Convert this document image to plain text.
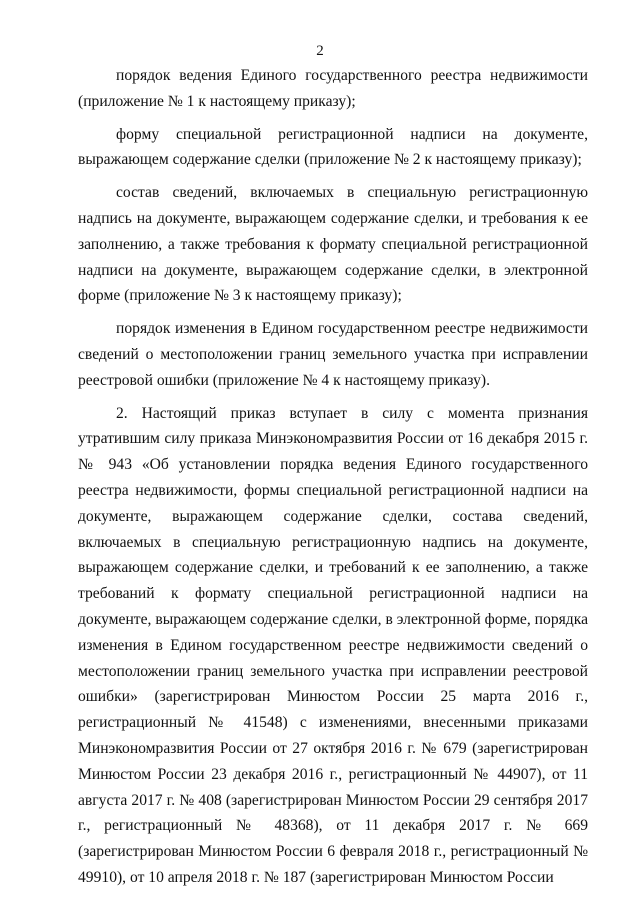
2

порядок ведения Единого государственного реестра недвижимости (приложение № 1 к настоящему приказу);

форму специальной регистрационной надписи на документе, выражающем содержание сделки (приложение № 2 к настоящему приказу);

состав сведений, включаемых в специальную регистрационную надпись на документе, выражающем содержание сделки, и требования к ее заполнению, а также требования к формату специальной регистрационной надписи на документе, выражающем содержание сделки, в электронной форме (приложение № 3 к настоящему приказу);

порядок изменения в Едином государственном реестре недвижимости сведений о местоположении границ земельного участка при исправлении реестровой ошибки (приложение № 4 к настоящему приказу).

2. Настоящий приказ вступает в силу с момента признания утратившим силу приказа Минэкономразвития России от 16 декабря 2015 г. № 943 «Об установлении порядка ведения Единого государственного реестра недвижимости, формы специальной регистрационной надписи на документе, выражающем содержание сделки, состава сведений, включаемых в специальную регистрационную надпись на документе, выражающем содержание сделки, и требований к ее заполнению, а также требований к формату специальной регистрационной надписи на документе, выражающем содержание сделки, в электронной форме, порядка изменения в Едином государственном реестре недвижимости сведений о местоположении границ земельного участка при исправлении реестровой ошибки» (зарегистрирован Минюстом России 25 марта 2016 г., регистрационный № 41548) с изменениями, внесенными приказами Минэкономразвития России от 27 октября 2016 г. № 679 (зарегистрирован Минюстом России 23 декабря 2016 г., регистрационный № 44907), от 11 августа 2017 г. № 408 (зарегистрирован Минюстом России 29 сентября 2017 г., регистрационный № 48368), от 11 декабря 2017 г. № 669 (зарегистрирован Минюстом России 6 февраля 2018 г., регистрационный № 49910), от 10 апреля 2018 г. № 187 (зарегистрирован Минюстом России
